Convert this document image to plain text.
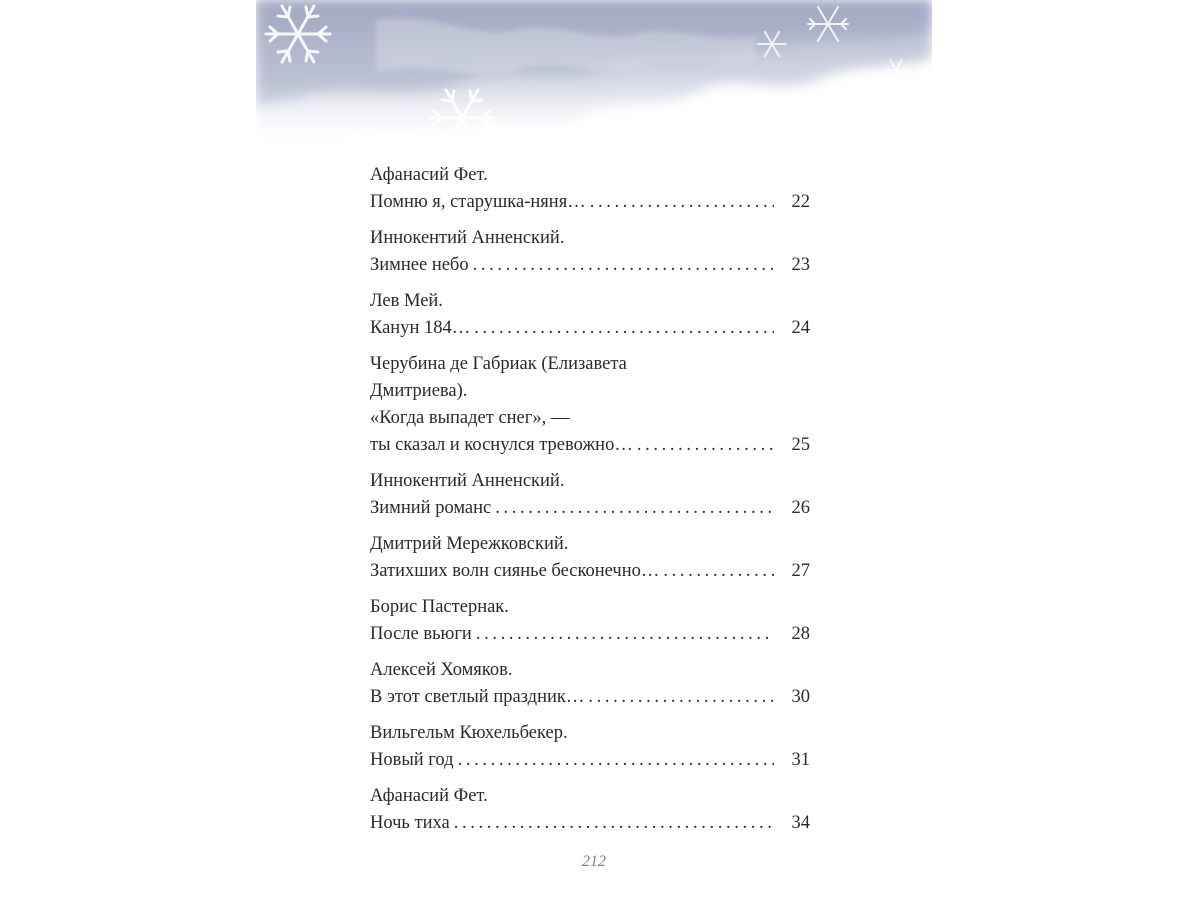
Афанасий Фет.
Помню я, старушка-няня… . . .	22
Иннокентий Анненский.
Зимнее небо . . .	23
Лев Мей.
Канун 184… . . .	24
Черубина де Габриак (Елизавета
Дмитриева).
«Когда выпадет снег», —
ты сказал и коснулся тревожно… . . .	25
Иннокентий Анненский.
Зимний романс . . .	26
Дмитрий Мережковский.
Затихших волн сиянье бесконечно… . . .	27
Борис Пастернак.
После вьюги . . .	28
Алексей Хомяков.
В этот светлый праздник… . . .	30
Вильгельм Кюхельбекер.
Новый год . . .	31
Афанасий Фет.
Ночь тиха . . .	34
212
